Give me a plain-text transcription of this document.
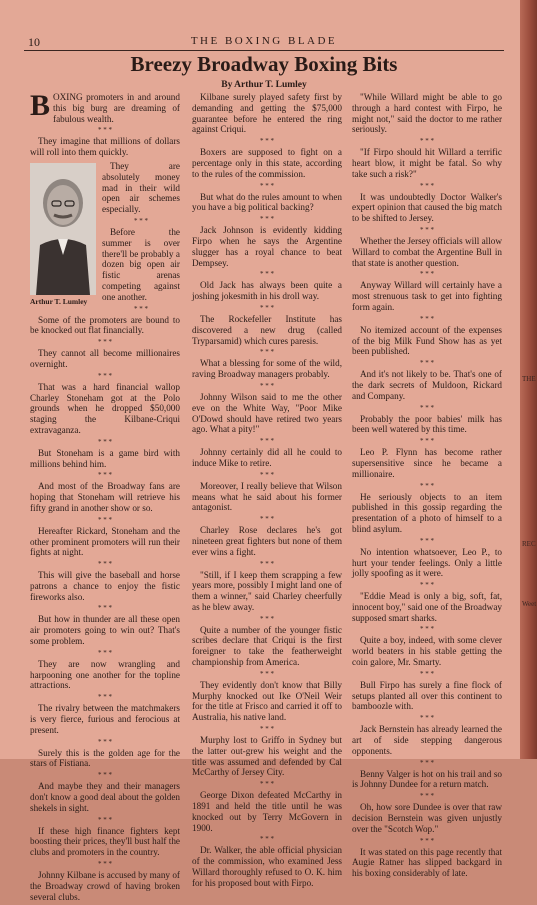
10	THE BOXING BLADE
Breezy Broadway Boxing Bits
By Arthur T. Lumley

BOXING promoters in and around this big burg are dreaming of fabulous wealth.

* * *

They imagine that millions of dollars will roll into them quickly.

Arthur T. Lumley

They are absolutely money mad in their wild open air schemes especially.

* * *

Before the summer is over there'll be probably a dozen big open air fistic arenas competing against one another.

* * *

Some of the promoters are bound to be knocked out flat financially.

* * *

They cannot all become millionaires overnight.

* * *

That was a hard financial wallop Charley Stoneham got at the Polo grounds when he dropped $50,000 staging the Kilbane-Criqui extravaganza.

* * *

But Stoneham is a game bird with millions behind him.

* * *

And most of the Broadway fans are hoping that Stoneham will retrieve his fifty grand in another show or so.

* * *

Hereafter Rickard, Stoneham and the other prominent promoters will run their fights at night.

* * *

This will give the baseball and horse patrons a chance to enjoy the fistic fireworks also.

* * *

But how in thunder are all these open air promoters going to win out? That's some problem.

* * *

They are now wrangling and harpooning one another for the topline attractions.

* * *

The rivalry between the matchmakers is very fierce, furious and ferocious at present.

* * *

Surely this is the golden age for the stars of Fistiana.

* * *

And maybe they and their managers don't know a good deal about the golden shekels in sight.

* * *

If these high finance fighters kept boosting their prices, they'll bust half the clubs and promoters in the country.

* * *

Johnny Kilbane is accused by many of the Broadway crowd of having broken several clubs.

Kilbane surely played safety first by demanding and getting the $75,000 guarantee before he entered the ring against Criqui.

* * *

Boxers are supposed to fight on a percentage only in this state, according to the rules of the commission.

* * *

But what do the rules amount to when you have a big political backing?

* * *

Jack Johnson is evidently kidding Firpo when he says the Argentine slugger has a royal chance to beat Dempsey.

* * *

Old Jack has always been quite a joshing jokesmith in his droll way.

* * *

The Rockefeller Institute has discovered a new drug (called Tryparsamid) which cures paresis.

* * *

What a blessing for some of the wild, raving Broadway managers probably.

* * *

Johnny Wilson said to me the other eve on the White Way, "Poor Mike O'Dowd should have retired two years ago. What a pity!"

* * *

Johnny certainly did all he could to induce Mike to retire.

* * *

Moreover, I really believe that Wilson means what he said about his former antagonist.

* * *

Charley Rose declares he's got nineteen great fighters but none of them ever wins a fight.

* * *

"Still, if I keep them scrapping a few years more, possibly I might land one of them a winner," said Charley cheerfully as he blew away.

* * *

Quite a number of the younger fistic scribes declare that Criqui is the first foreigner to take the featherweight championship from America.

* * *

They evidently don't know that Billy Murphy knocked out Ike O'Neil Weir for the title at Frisco and carried it off to Australia, his native land.

* * *

Murphy lost to Griffo in Sydney but the latter out-grew his weight and the title was assumed and defended by Cal McCarthy of Jersey City.

* * *

George Dixon defeated McCarthy in 1891 and held the title until he was knocked out by Terry McGovern in 1900.

* * *

Dr. Walker, the able official physician of the commission, who examined Jess Willard thoroughly refused to O. K. him for his proposed bout with Firpo.

"While Willard might be able to go through a hard contest with Firpo, he might not," said the doctor to me rather seriously.

* * *

"If Firpo should hit Willard a terrific heart blow, it might be fatal. So why take such a risk?"

* * *

It was undoubtedly Doctor Walker's expert opinion that caused the big match to be shifted to Jersey.

* * *

Whether the Jersey officials will allow Willard to combat the Argentine Bull in that state is another question.

* * *

Anyway Willard will certainly have a most strenuous task to get into fighting form again.

* * *

No itemized account of the expenses of the big Milk Fund Show has as yet been published.

* * *

And it's not likely to be. That's one of the dark secrets of Muldoon, Rickard and Company.

* * *

Probably the poor babies' milk has been well watered by this time.

* * *

Leo P. Flynn has become rather supersensitive since he became a millionaire.

* * *

He seriously objects to an item published in this gossip regarding the presentation of a photo of himself to a blind asylum.

* * *

No intention whatsoever, Leo P., to hurt your tender feelings. Only a little jolly spoofing as it were.

* * *

"Eddie Mead is only a big, soft, fat, innocent boy," said one of the Broadway supposed smart sharks.

* * *

Quite a boy, indeed, with some clever world beaters in his stable getting the coin galore, Mr. Smarty.

* * *

Bull Firpo has surely a fine flock of setups planted all over this continent to bamboozle with.

* * *

Jack Bernstein has already learned the art of side stepping dangerous opponents.

* * *

Benny Valger is hot on his trail and so is Johnny Dundee for a return match.

* * *

Oh, how sore Dundee is over that raw decision Bernstein was given unjustly over the "Scotch Wop."

* * *

It was stated on this page recently that Augie Ratner has slipped backgard in his boxing considerably of late.

THE
REC
Weet
